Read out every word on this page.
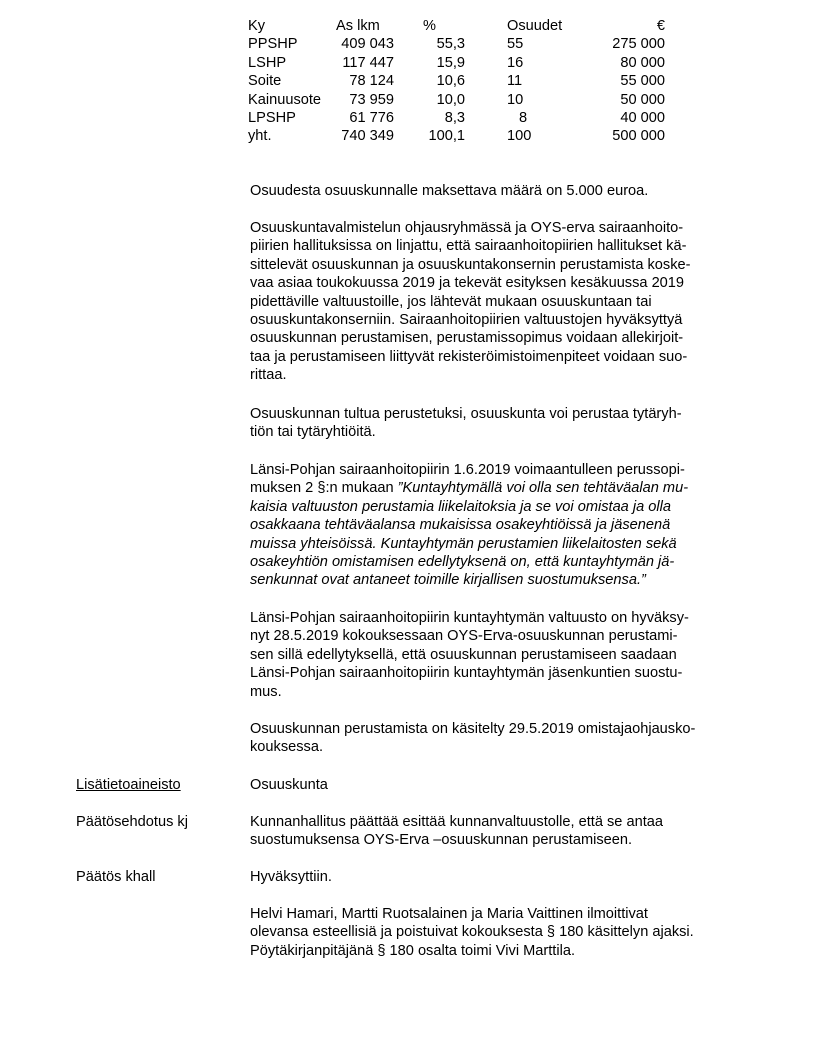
Ky	As lkm		%		Osuudet	€
PPSHP	409 043		55,3		55	275 000
LSHP	117 447		15,9		16	80 000
Soite	78 124		10,6		11	55 000
Kainuusote	73 959		10,0		10	50 000
LPSHP	61 776		8,3		8	40 000
yht.	740 349		100,1		100	500 000
Osuudesta osuuskunnalle maksettava määrä on 5.000 euroa.
Osuuskuntavalmistelun ohjausryhmässä ja OYS-erva sairaanhoito-
piirien hallituksissa on linjattu, että sairaanhoitopiirien hallitukset kä-
sittelevät osuuskunnan ja osuuskuntakonsernin perustamista koske-
vaa asiaa toukokuussa 2019 ja tekevät esityksen kesäkuussa 2019
pidettäville valtuustoille, jos lähtevät mukaan osuuskuntaan tai
osuuskuntakonserniin. Sairaanhoitopiirien valtuustojen hyväksyttyä
osuuskunnan perustamisen, perustamissopimus voidaan allekirjoit-
taa ja perustamiseen liittyvät rekisteröimistoimenpiteet voidaan suo-
rittaa.
Osuuskunnan tultua perustetuksi, osuuskunta voi perustaa tytäryh-
tiön tai tytäryhtiöitä.
Länsi-Pohjan sairaanhoitopiirin 1.6.2019 voimaantulleen perussopi-
muksen 2 §:n mukaan ”Kuntayhtymällä voi olla sen tehtäväalan mu-
kaisia valtuuston perustamia liikelaitoksia ja se voi omistaa ja olla
osakkaana tehtäväalansa mukaisissa osakeyhtiöissä ja jäsenenä
muissa yhteisöissä. Kuntayhtymän perustamien liikelaitosten sekä
osakeyhtiön omistamisen edellytyksenä on, että kuntayhtymän jä-
senkunnat ovat antaneet toimille kirjallisen suostumuksensa.”
Länsi-Pohjan sairaanhoitopiirin kuntayhtymän valtuusto on hyväksy-
nyt 28.5.2019 kokouksessaan OYS-Erva-osuuskunnan perustami-
sen sillä edellytyksellä, että osuuskunnan perustamiseen saadaan
Länsi-Pohjan sairaanhoitopiirin kuntayhtymän jäsenkuntien suostu-
mus.
Osuuskunnan perustamista on käsitelty 29.5.2019 omistajaohjausko-
kouksessa.
Lisätietoaineisto	Osuuskunta
Päätösehdotus kj	Kunnanhallitus päättää esittää kunnanvaltuustolle, että se antaa
suostumuksensa OYS-Erva –osuuskunnan perustamiseen.
Päätös khall	Hyväksyttiin.
Helvi Hamari, Martti Ruotsalainen ja Maria Vaittinen ilmoittivat
olevansa esteellisiä ja poistuivat kokouksesta § 180 käsittelyn ajaksi.
Pöytäkirjanpitäjänä § 180 osalta toimi Vivi Marttila.
